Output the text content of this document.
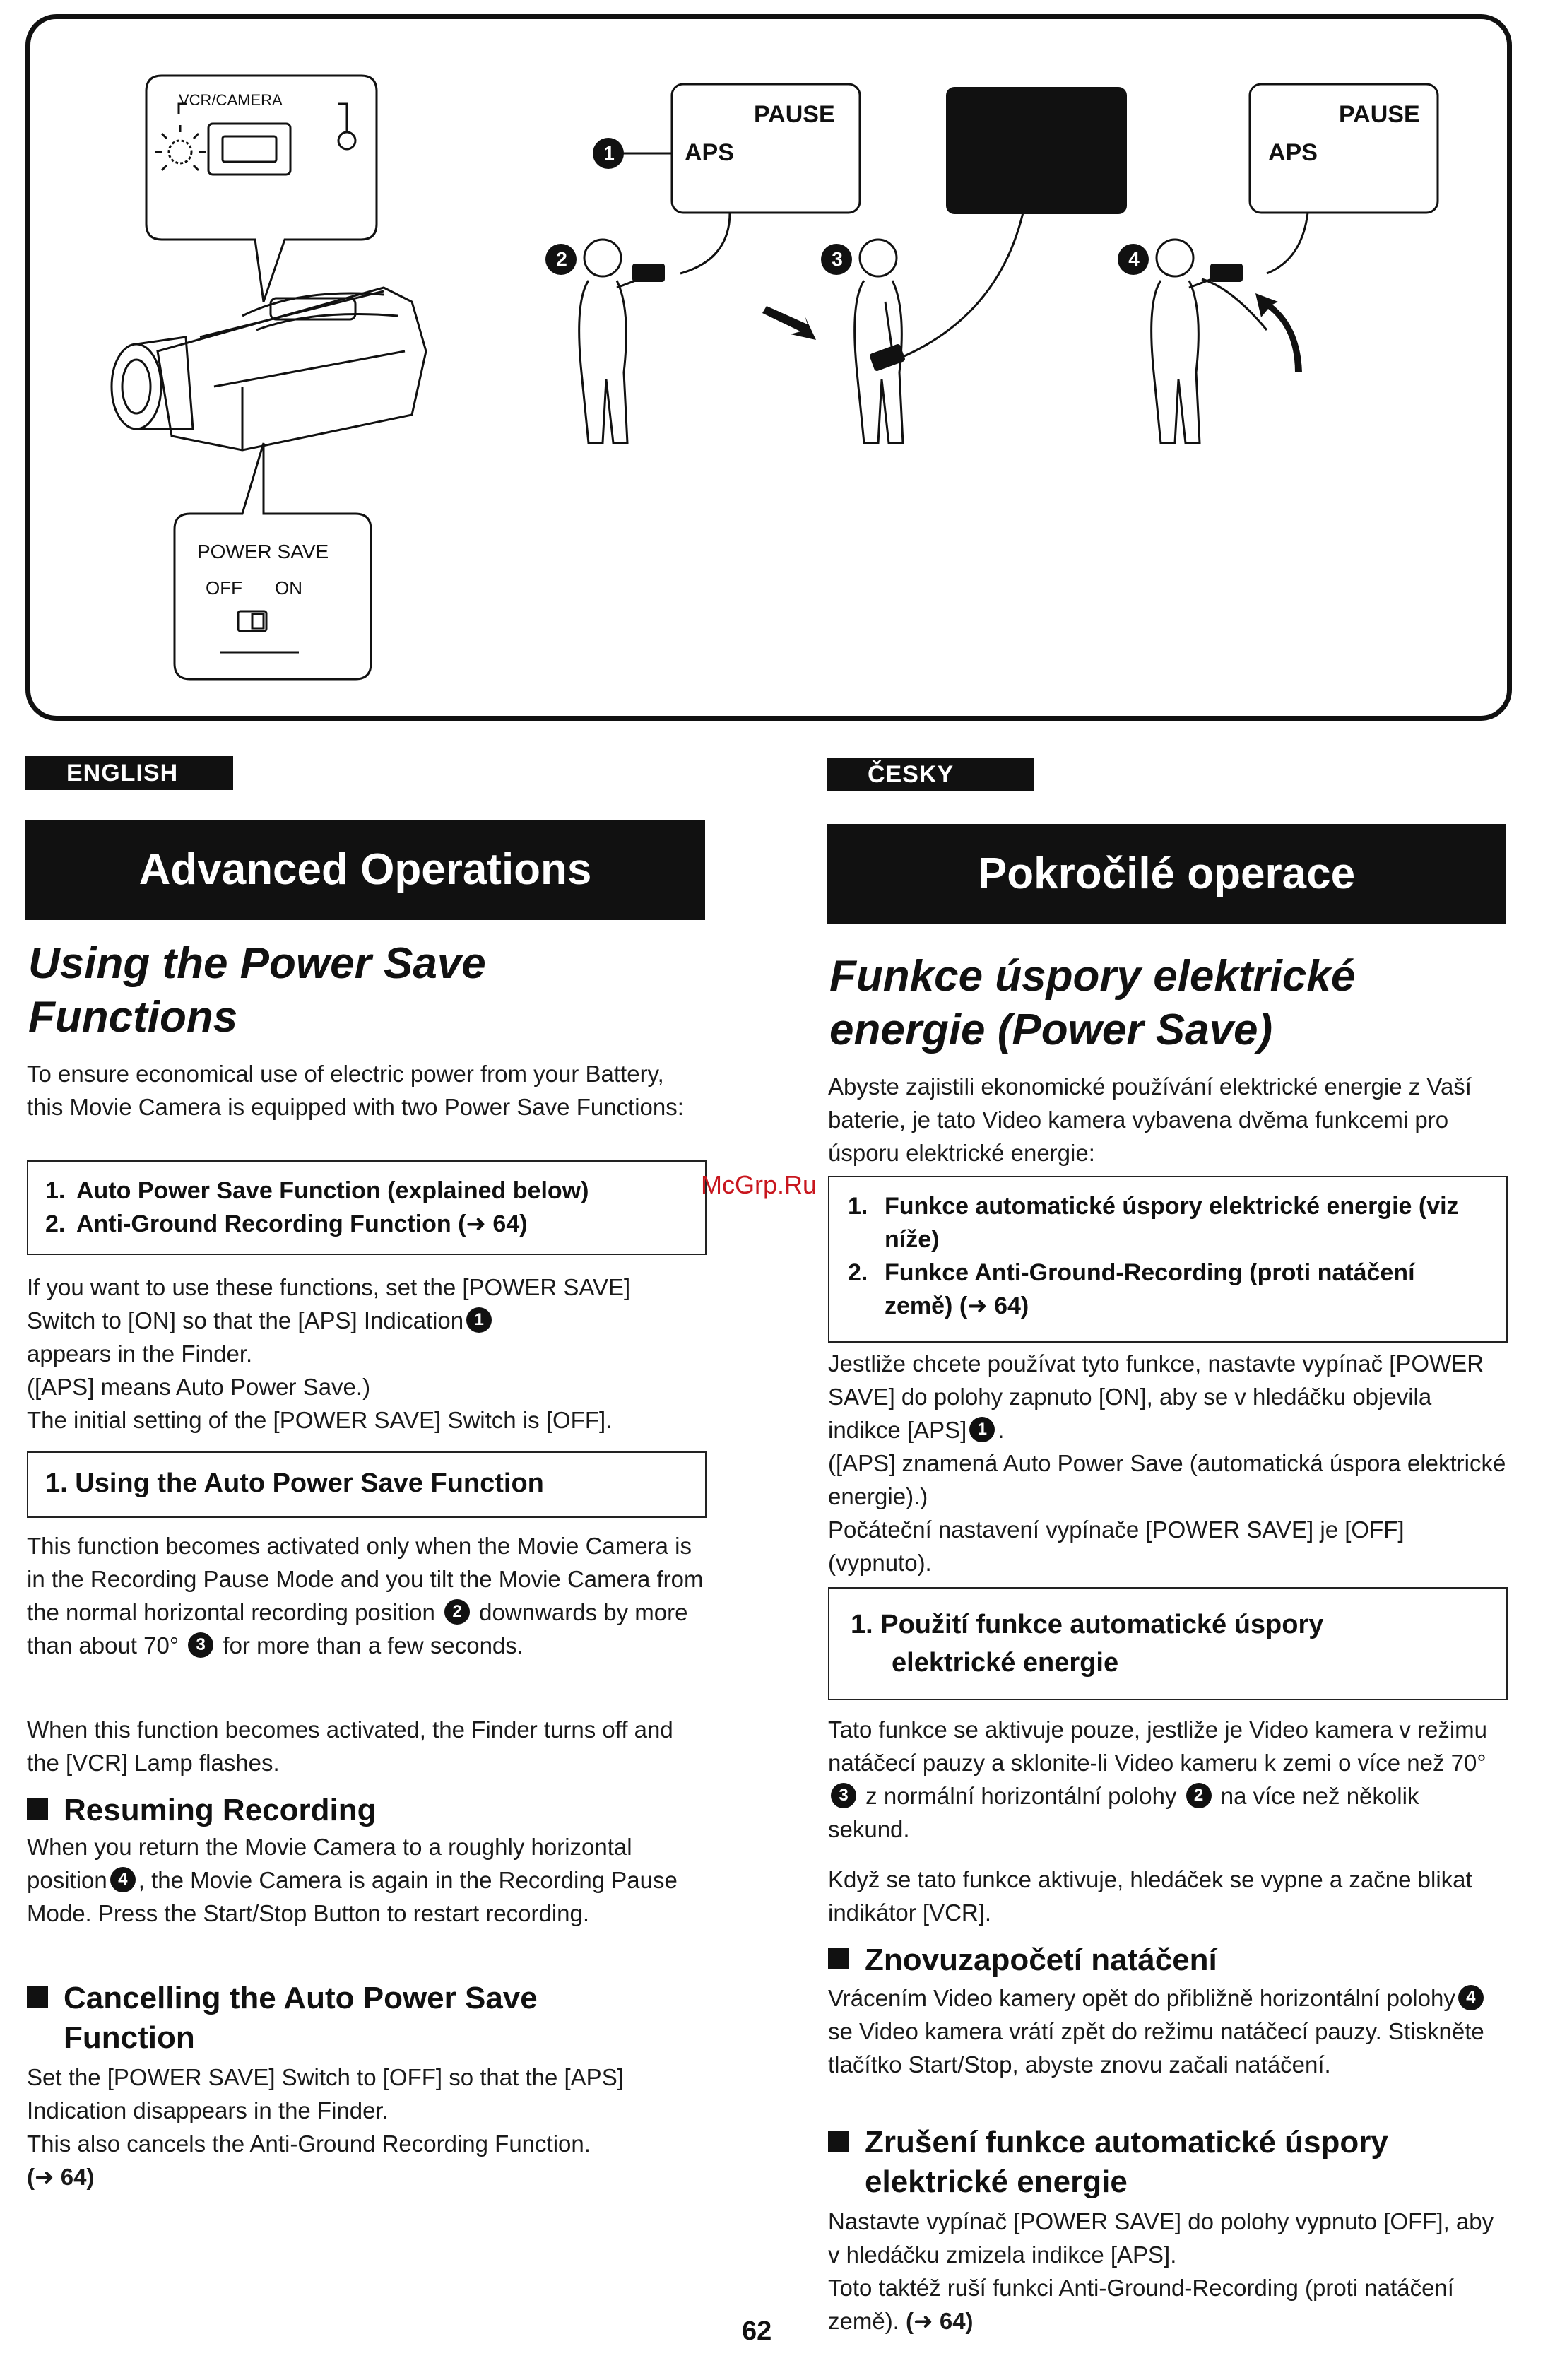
VCR/CAMERA
POWER SAVE
OFF ON
PAUSE
APS
PAUSE
APS
1
2	3	4
ENGLISH
Advanced Operations
Using the Power Save
Functions
To ensure economical use of electric power from your Battery, this Movie Camera is equipped with two Power Save Functions:
1. Auto Power Save Function (explained below)
2. Anti-Ground Recording Function (➜ 64)

If you want to use these functions, set the [POWER SAVE] Switch to [ON] so that the [APS] Indication 1

appears in the Finder.

([APS] means Auto Power Save.)

The initial setting of the [POWER SAVE] Switch is [OFF].

1. Using the Auto Power Save Function
This function becomes activated only when the Movie Camera is in the Recording Pause Mode and you tilt the Movie Camera from the normal horizontal recording position 2 downwards by more than about 70° 3 for more than a few seconds.
When this function becomes activated, the Finder turns off and the [VCR] Lamp flashes.
Resuming Recording
When you return the Movie Camera to a roughly horizontal position 4 , the Movie Camera is again in the Recording Pause Mode. Press the Start/Stop Button to restart recording.
Cancelling the Auto Power Save
Function

Set the [POWER SAVE] Switch to [OFF] so that the [APS] Indication disappears in the Finder.

This also cancels the Anti-Ground Recording Function.

(➜ 64)

ČESKY
Pokročilé operace
Funkce úspory elektrické
energie (Power Save)
Abyste zajistili ekonomické používání elektrické energie z Vaší baterie, je tato Video kamera vybavena dvěma funkcemi pro úsporu elektrické energie:
1. Funkce automatické úspory elektrické energie (viz níže)
2. Funkce Anti-Ground-Recording (proti natáčení země) (➜ 64)

Jestliže chcete používat tyto funkce, nastavte vypínač [POWER SAVE] do polohy zapnuto [ON], aby se v hledáčku objevila indikce [APS] 1 .

([APS] znamená Auto Power Save (automatická úspora elektrické energie).)

Počáteční nastavení vypínače [POWER SAVE] je [OFF] (vypnuto).

1. Použití funkce automatické úspory
elektrické energie
Tato funkce se aktivuje pouze, jestliže je Video kamera v režimu natáčecí pauzy a sklonite-li Video kameru k zemi o více než 70° 3 z normální horizontální polohy 2 na více než několik sekund.
Když se tato funkce aktivuje, hledáček se vypne a začne blikat indikátor [VCR].
Znovuzapočetí natáčení
Vrácením Video kamery opět do přibližně horizontální polohy 4se Video kamera vrátí zpět do režimu natáčecí pauzy. Stiskněte tlačítko Start/Stop, abyste znovu začali natáčení.
Zrušení funkce automatické úspory
elektrické energie

Nastavte vypínač [POWER SAVE] do polohy vypnuto [OFF], aby v hledáčku zmizela indikce [APS].

Toto taktéž ruší funkci Anti-Ground-Recording (proti natáčení země). (➜ 64)

McGrp.Ru
62
